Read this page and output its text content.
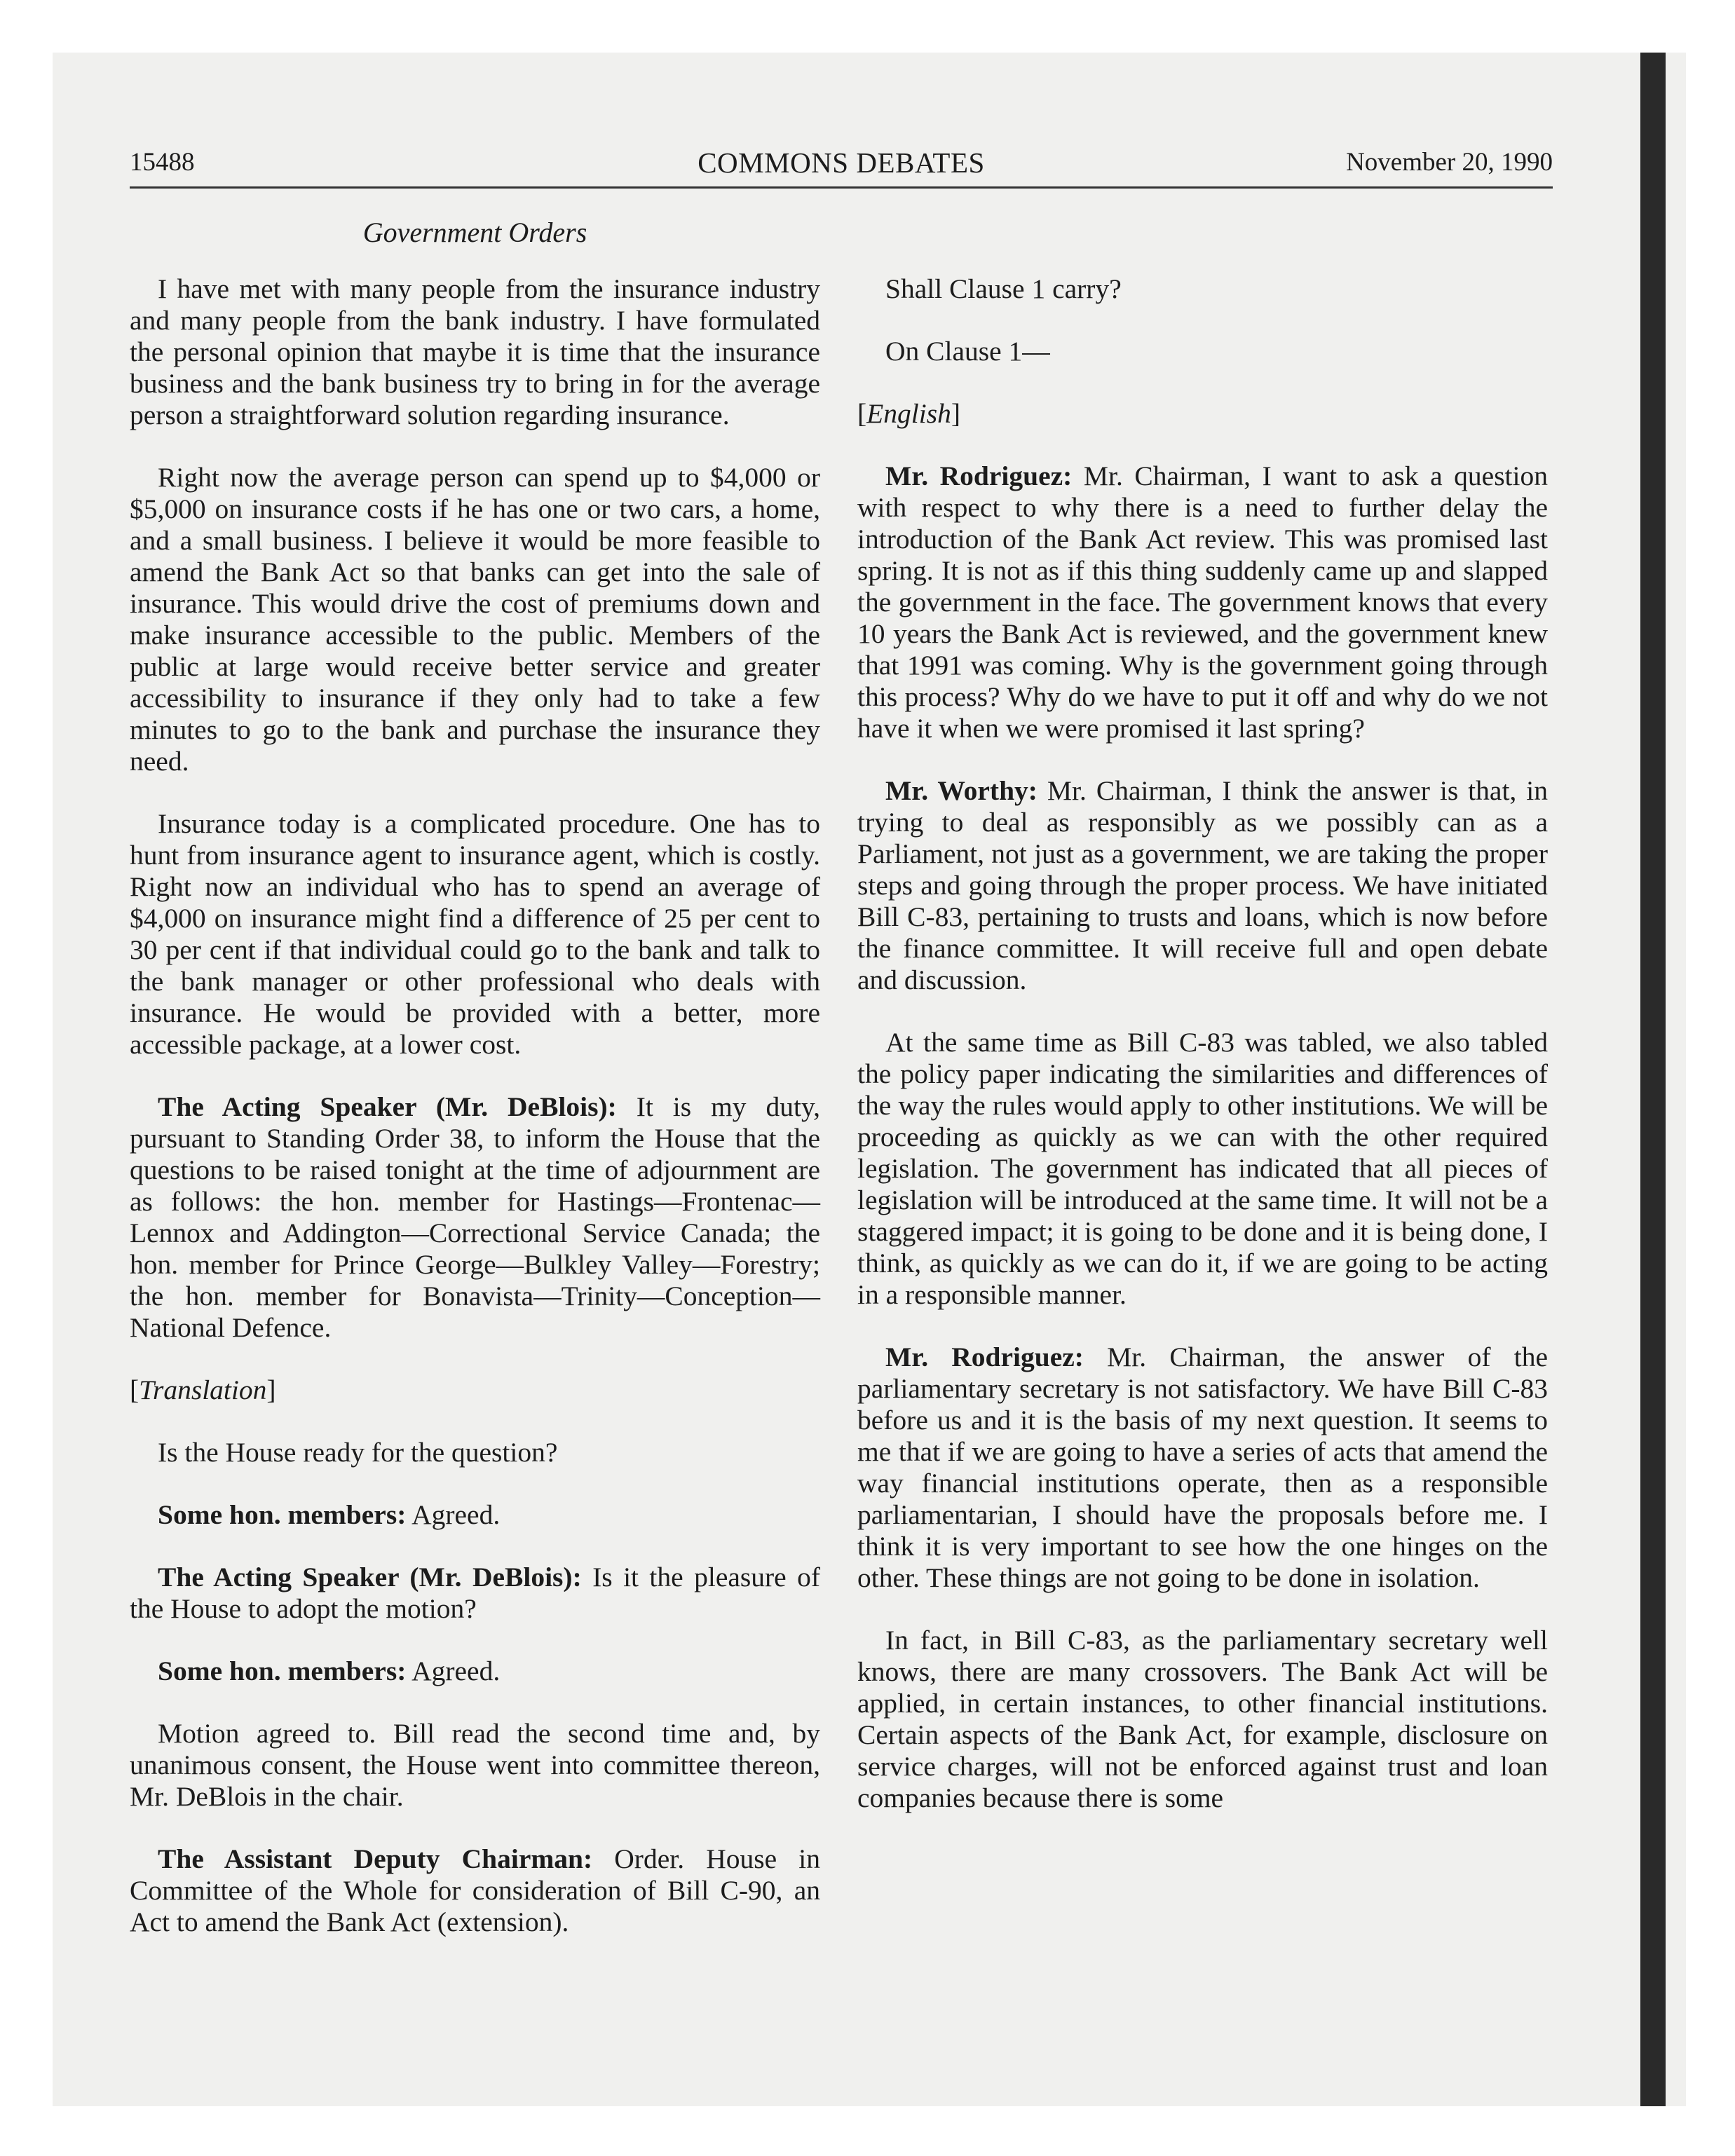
15488	COMMONS DEBATES	November 20, 1990
Government Orders

I have met with many people from the insurance industry and many people from the bank industry. I have formulated the personal opinion that maybe it is time that the insurance business and the bank business try to bring in for the average person a straightforward solution regarding insurance.

Right now the average person can spend up to $4,000 or $5,000 on insurance costs if he has one or two cars, a home, and a small business. I believe it would be more feasible to amend the Bank Act so that banks can get into the sale of insurance. This would drive the cost of premiums down and make insurance accessible to the public. Members of the public at large would receive better service and greater accessibility to insurance if they only had to take a few minutes to go to the bank and purchase the insurance they need.

Insurance today is a complicated procedure. One has to hunt from insurance agent to insurance agent, which is costly. Right now an individual who has to spend an average of $4,000 on insurance might find a difference of 25 per cent to 30 per cent if that individual could go to the bank and talk to the bank manager or other professional who deals with insurance. He would be provided with a better, more accessible package, at a lower cost.

The Acting Speaker (Mr. DeBlois): It is my duty, pursuant to Standing Order 38, to inform the House that the questions to be raised tonight at the time of adjournment are as follows: the hon. member for Hastings—Frontenac—Lennox and Addington—Correctional Service Canada; the hon. member for Prince George—Bulkley Valley—Forestry; the hon. member for Bonavista—Trinity—Conception—National Defence.

[Translation]

Is the House ready for the question?

Some hon. members: Agreed.

The Acting Speaker (Mr. DeBlois): Is it the pleasure of the House to adopt the motion?

Some hon. members: Agreed.

Motion agreed to. Bill read the second time and, by unanimous consent, the House went into committee thereon, Mr. DeBlois in the chair.

The Assistant Deputy Chairman: Order. House in Committee of the Whole for consideration of Bill C-90, an Act to amend the Bank Act (extension).

Shall Clause 1 carry?

On Clause 1—

[English]

Mr. Rodriguez: Mr. Chairman, I want to ask a question with respect to why there is a need to further delay the introduction of the Bank Act review. This was promised last spring. It is not as if this thing suddenly came up and slapped the government in the face. The government knows that every 10 years the Bank Act is reviewed, and the government knew that 1991 was coming. Why is the government going through this process? Why do we have to put it off and why do we not have it when we were promised it last spring?

Mr. Worthy: Mr. Chairman, I think the answer is that, in trying to deal as responsibly as we possibly can as a Parliament, not just as a government, we are taking the proper steps and going through the proper process. We have initiated Bill C-83, pertaining to trusts and loans, which is now before the finance committee. It will receive full and open debate and discussion.

At the same time as Bill C-83 was tabled, we also tabled the policy paper indicating the similarities and differences of the way the rules would apply to other institutions. We will be proceeding as quickly as we can with the other required legislation. The government has indicated that all pieces of legislation will be introduced at the same time. It will not be a staggered impact; it is going to be done and it is being done, I think, as quickly as we can do it, if we are going to be acting in a responsible manner.

Mr. Rodriguez: Mr. Chairman, the answer of the parliamentary secretary is not satisfactory. We have Bill C-83 before us and it is the basis of my next question. It seems to me that if we are going to have a series of acts that amend the way financial institutions operate, then as a responsible parliamentarian, I should have the proposals before me. I think it is very important to see how the one hinges on the other. These things are not going to be done in isolation.

In fact, in Bill C-83, as the parliamentary secretary well knows, there are many crossovers. The Bank Act will be applied, in certain instances, to other financial institutions. Certain aspects of the Bank Act, for example, disclosure on service charges, will not be enforced against trust and loan companies because there is some
